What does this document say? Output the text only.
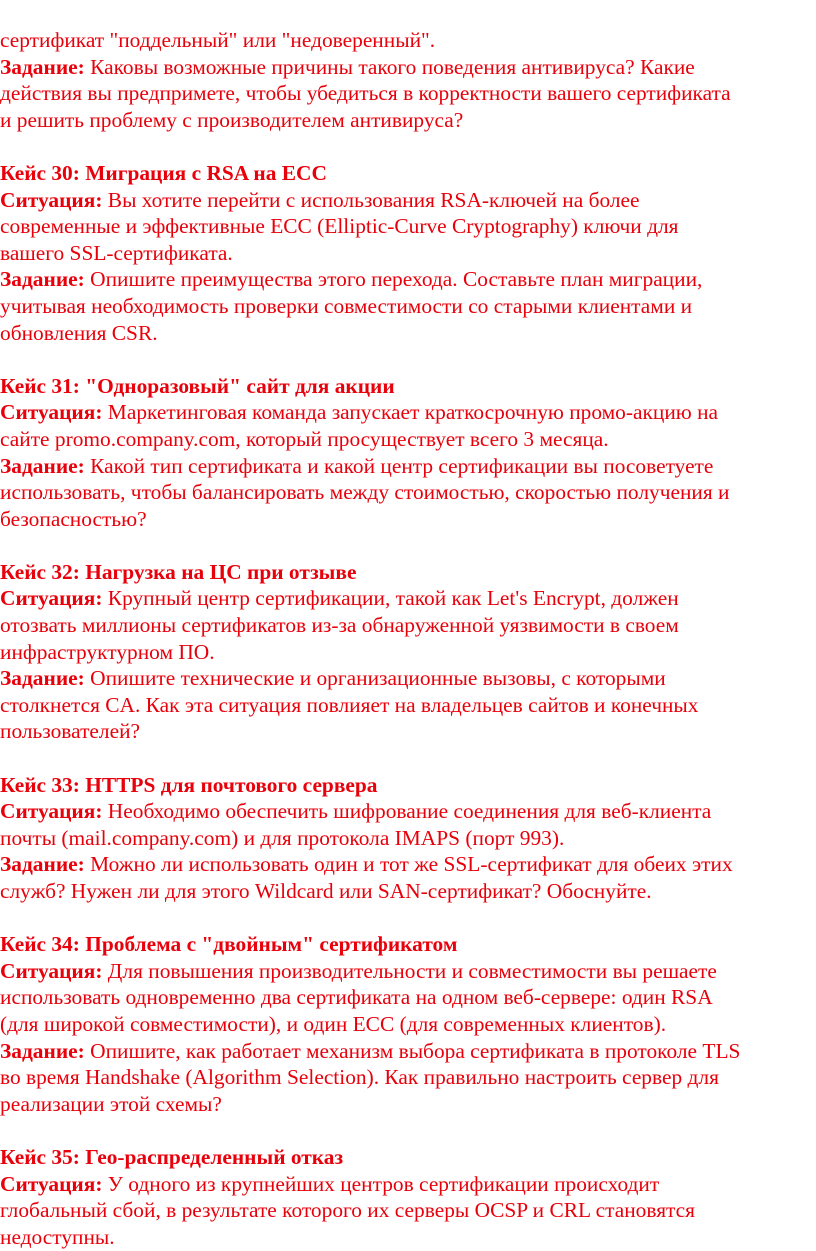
сертификат "поддельный" или "недоверенный".

Задание: Каковы возможные причины такого поведения антивируса? Какие

действия вы предпримете, чтобы убедиться в корректности вашего сертификата

и решить проблему с производителем антивируса?

Кейс 30: Миграция с RSA на ECC

Ситуация: Вы хотите перейти с использования RSA-ключей на более

современные и эффективные ECC (Elliptic-Curve Cryptography) ключи для

вашего SSL-сертификата.

Задание: Опишите преимущества этого перехода. Составьте план миграции,

учитывая необходимость проверки совместимости со старыми клиентами и

обновления CSR.

Кейс 31: "Одноразовый" сайт для акции

Ситуация: Маркетинговая команда запускает краткосрочную промо-акцию на

сайте promo.company.com, который просуществует всего 3 месяца.

Задание: Какой тип сертификата и какой центр сертификации вы посоветуете

использовать, чтобы балансировать между стоимостью, скоростью получения и

безопасностью?

Кейс 32: Нагрузка на ЦС при отзыве

Ситуация: Крупный центр сертификации, такой как Let's Encrypt, должен

отозвать миллионы сертификатов из-за обнаруженной уязвимости в своем

инфраструктурном ПО.

Задание: Опишите технические и организационные вызовы, с которыми

столкнется CA. Как эта ситуация повлияет на владельцев сайтов и конечных

пользователей?

Кейс 33: HTTPS для почтового сервера

Ситуация: Необходимо обеспечить шифрование соединения для веб-клиента

почты (mail.company.com) и для протокола IMAPS (порт 993).

Задание: Можно ли использовать один и тот же SSL-сертификат для обеих этих

служб? Нужен ли для этого Wildcard или SAN-сертификат? Обоснуйте.

Кейс 34: Проблема с "двойным" сертификатом

Ситуация: Для повышения производительности и совместимости вы решаете

использовать одновременно два сертификата на одном веб-сервере: один RSA

(для широкой совместимости), и один ECC (для современных клиентов).

Задание: Опишите, как работает механизм выбора сертификата в протоколе TLS

во время Handshake (Algorithm Selection). Как правильно настроить сервер для

реализации этой схемы?

Кейс 35: Гео-распределенный отказ

Ситуация: У одного из крупнейших центров сертификации происходит

глобальный сбой, в результате которого их серверы OCSP и CRL становятся

недоступны.
